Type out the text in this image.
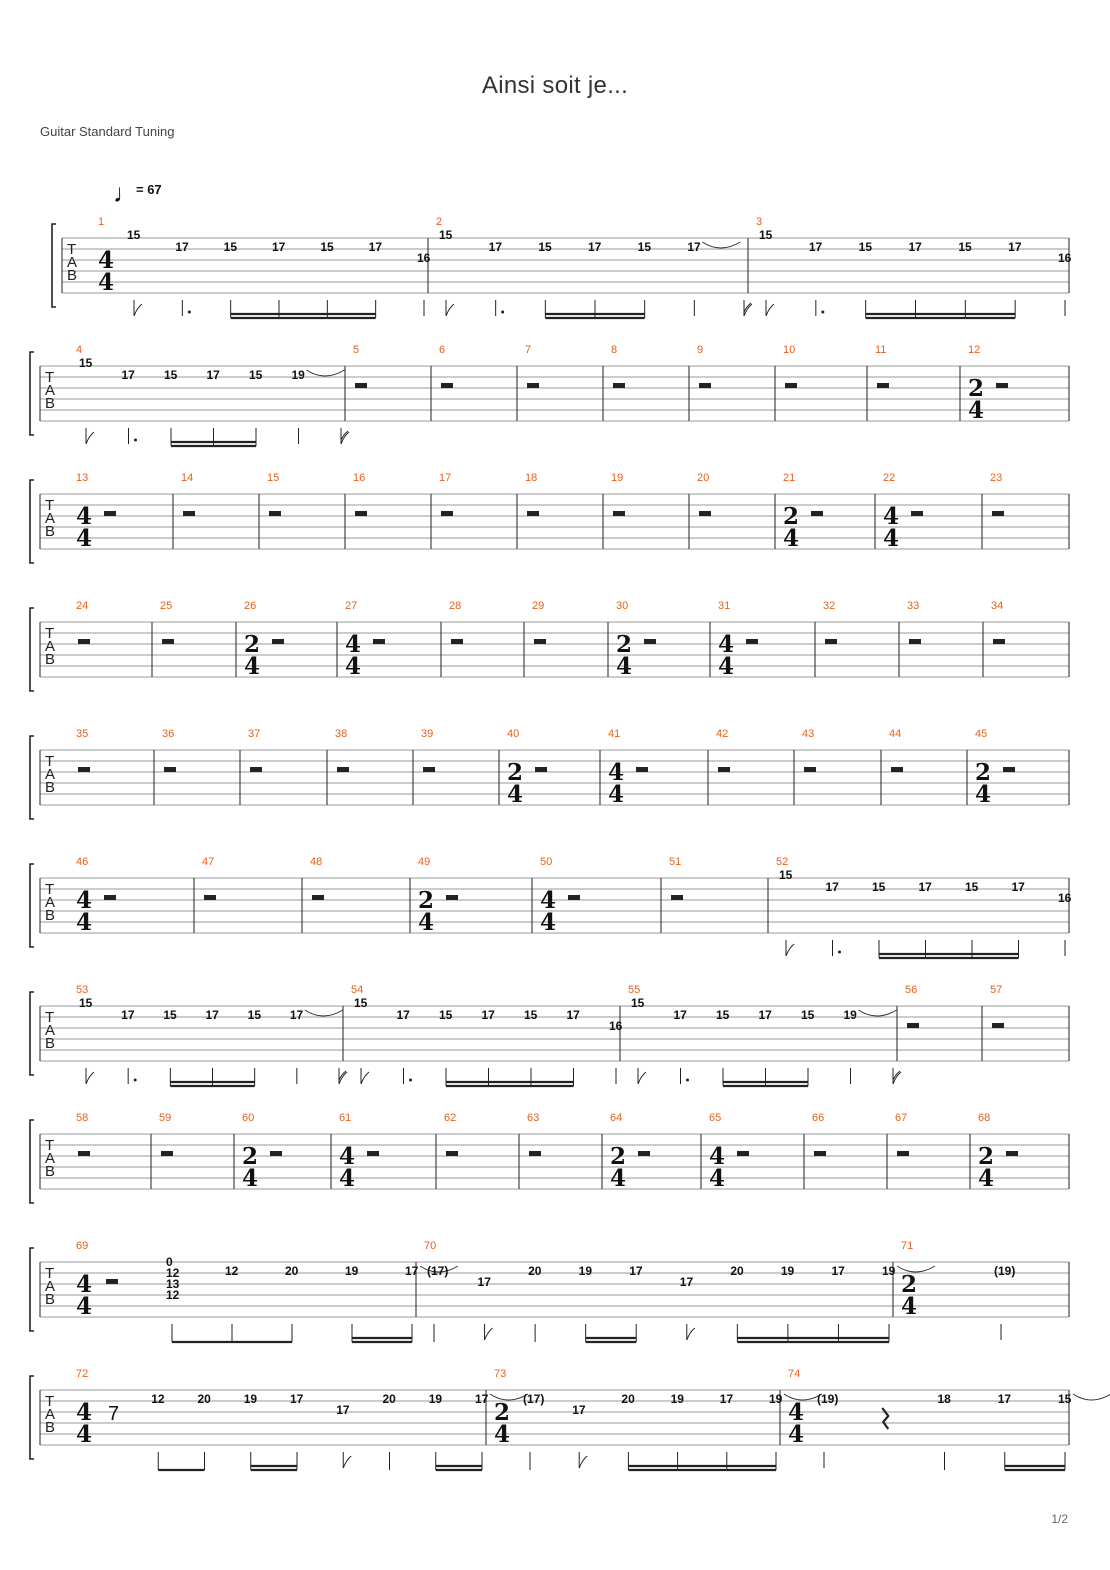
Ainsi soit je...
Guitar Standard Tuning
1/2
♩
= 67
T
A
B
1
4
4
15
17	15	17	15	17
16
2
15
17	15	17	15	17
3
15
17	15	17	15	17
16
T
A
B
4
15
17 15 17 15 19
5	6	7	8	9	10	11	12
2
4
T
A
B
13
4
4
14	15	16	17	18	19	20	21
2
4
22
4
4
23
T
A
B
24	25	26
2
4
27
4
4
28	29	30
2
4
31
4
4
32	33	34
T
A
B
35	36	37	38	39	40
2
4
41
4
4
42	43	44	45
2
4
T
A
B
46
4
4
47	48	49
2
4
50
4
4
51	52
15
17	15	17	15	17
16
T
A
B
53
15
17 15 17 15 17
54
15
17 15 17 15 17
16
55
15
17 15 17 15 19
56	57
T
A
B
58	59	60
2
4
61
4
4
62	63	64
2
4
65
4
4
66	67	68
2
4
T
A
B
69
4
4
0
12
13
12
12	20	19	17
70
(17)
17
20	19	17
17
20	19	17	19
71
2
4
(19)
T
A
B
72
4
4
7
12	20	19	17
17
20	19	17
73
2
4
(17)
17
20	19	17	19
74
4
4
(19)	18	17	15
